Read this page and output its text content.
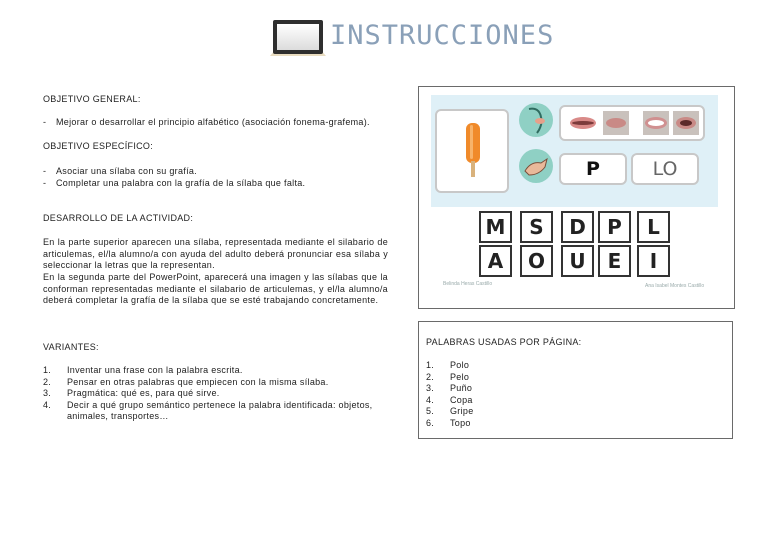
INSTRUCCIONES
OBJETIVO GENERAL:
- Mejorar o desarrollar el principio alfabético (asociación fonema-grafema).
OBJETIVO ESPECÍFICO:
- Asociar una sílaba con su grafía.
- Completar una palabra con la grafía de la sílaba que falta.
DESARROLLO DE LA ACTIVIDAD:
En la parte superior aparecen una sílaba, representada mediante el silabario de articulemas, el/la alumno/a con ayuda del adulto deberá pronunciar esa sílaba y seleccionar la letras que la representan.
En la segunda parte del PowerPoint, aparecerá una imagen y las sílabas que la conforman representadas mediante el silabario de articulemas, y el/la alumno/a deberá completar la grafía de la sílaba que se esté trabajando concretamente.
VARIANTES:
1. Inventar una frase con la palabra escrita.
2. Pensar en otras palabras que empiecen con la misma sílaba.
3. Pragmática: qué es, para qué sirve.
4. Decir a qué grupo semántico pertenece la palabra identificada: objetos, animales, transportes…
P	LO
M	S	D	P	L
A	O	U	E	I
Belinda Heras Castillo	Ana Isabel Montes Castillo
PALABRAS USADAS POR PÁGINA:
1. Polo
2. Pelo
3. Puño
4. Copa
5. Gripe
6. Topo
